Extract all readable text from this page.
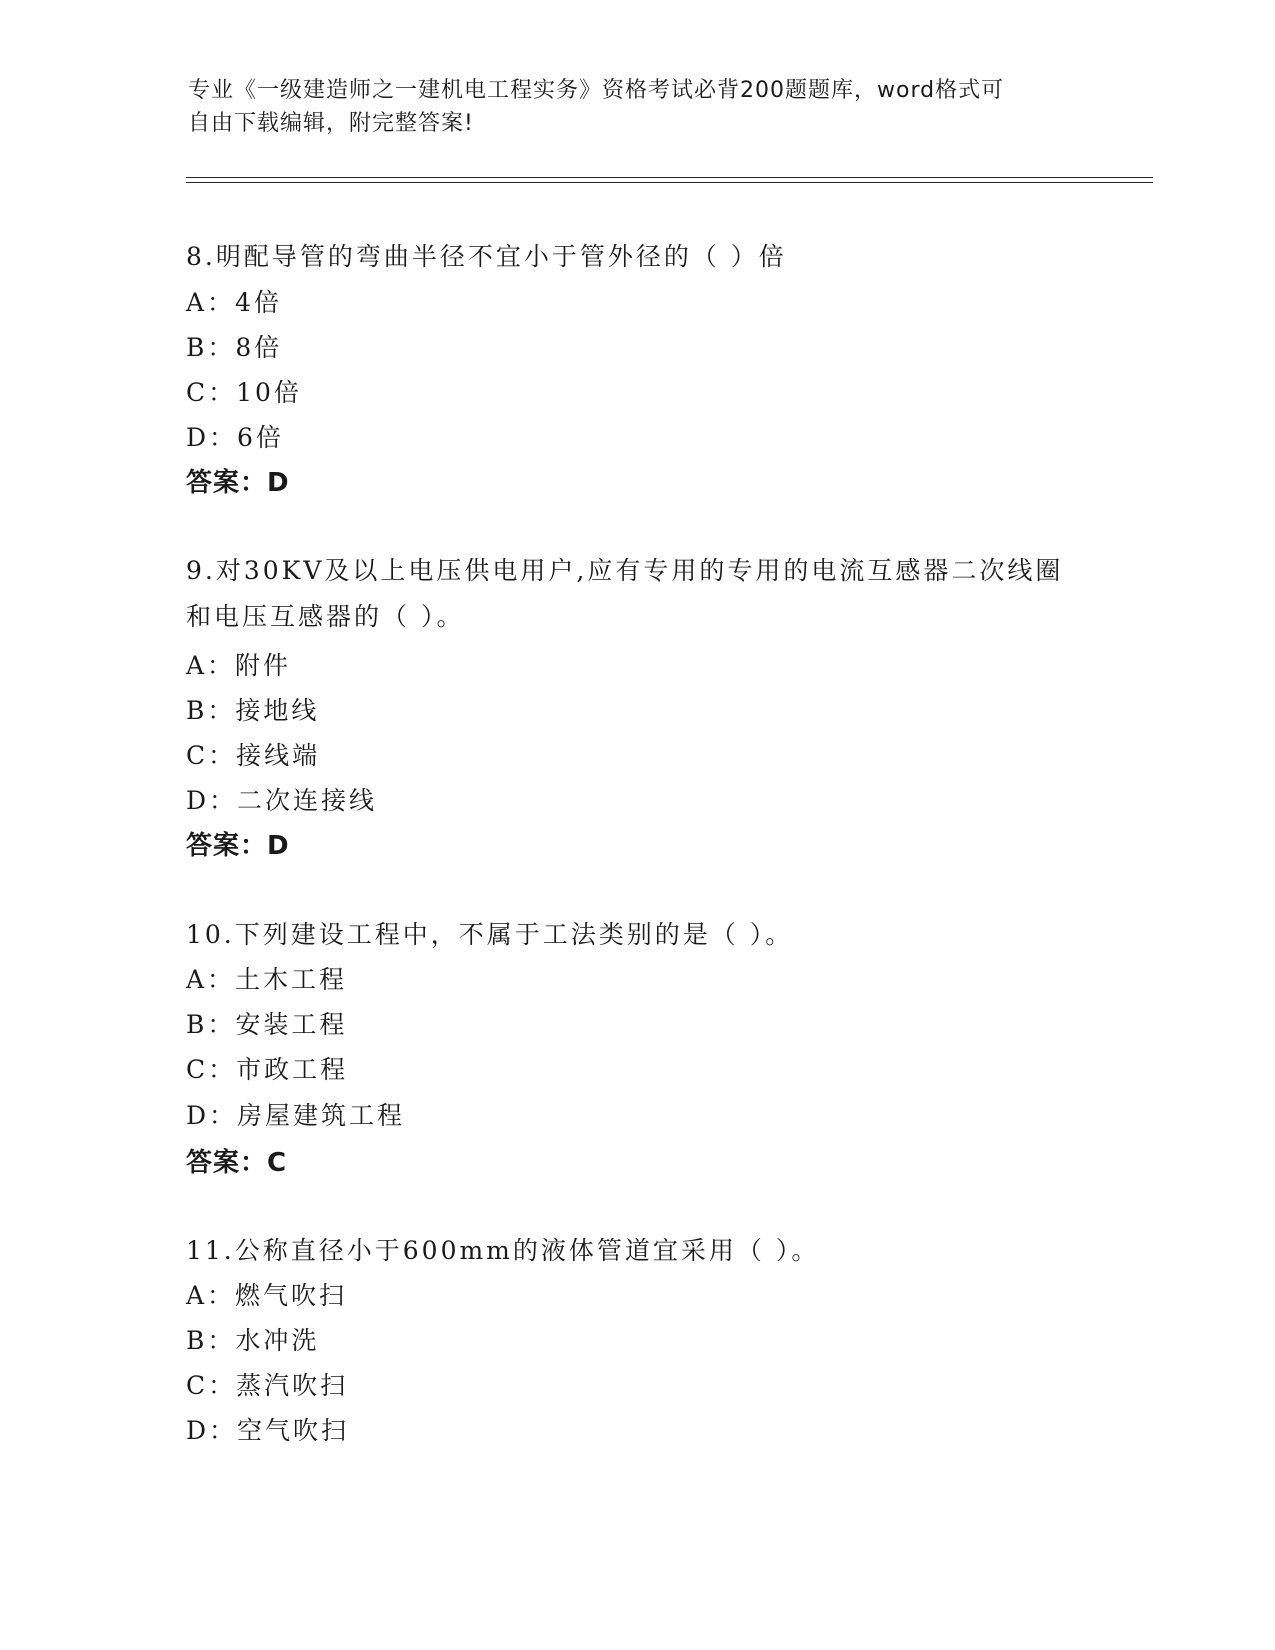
专业《一级建造师之一建机电工程实务》资格考试必背200题题库，word格式可
自由下载编辑，附完整答案!
8.明配导管的弯曲半径不宜小于管外径的（ ）倍
A：4倍
B：8倍
C：10倍
D：6倍
答案：D
9.对30KV及以上电压供电用户,应有专用的专用的电流互感器二次线圈和电压互感器的（ ）。
A：附件
B：接地线
C：接线端
D：二次连接线
答案：D
10.下列建设工程中，不属于工法类别的是（ ）。
A：土木工程
B：安装工程
C：市政工程
D：房屋建筑工程
答案：C
11.公称直径小于600mm的液体管道宜采用（ ）。
A：燃气吹扫
B：水冲洗
C：蒸汽吹扫
D：空气吹扫
